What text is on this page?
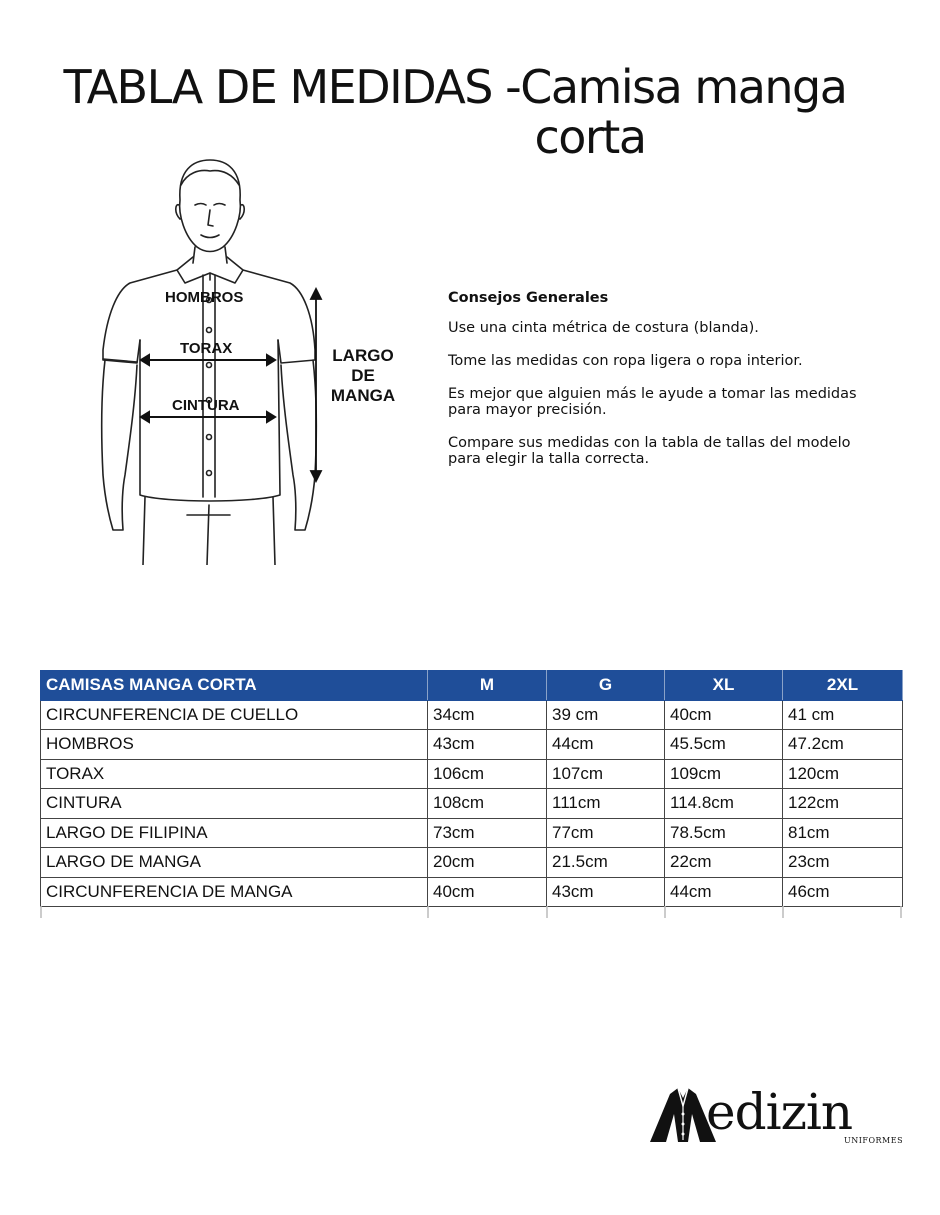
TABLA DE MEDIDAS -Camisa manga
corta
HOMBROS
TORAX
CINTURA
LARGO
DE
MANGA
Consejos Generales

Use una cinta métrica de costura (blanda).

Tome las medidas con ropa ligera o ropa interior.

Es mejor que alguien más le ayude a tomar las medidas
para mayor precisión.

Compare sus medidas con la tabla de tallas del modelo
para elegir la talla correcta.

CAMISAS MANGA CORTA	M	G	XL	2XL
CIRCUNFERENCIA DE CUELLO	34cm	39 cm	40cm	41 cm
HOMBROS	43cm	44cm	45.5cm	47.2cm
TORAX	106cm	107cm	109cm	120cm
CINTURA	108cm	111cm	114.8cm	122cm
LARGO DE FILIPINA	73cm	77cm	78.5cm	81cm
LARGO DE MANGA	20cm	21.5cm	22cm	23cm
CIRCUNFERENCIA DE MANGA	40cm	43cm	44cm	46cm
edizin
UNIFORMES
